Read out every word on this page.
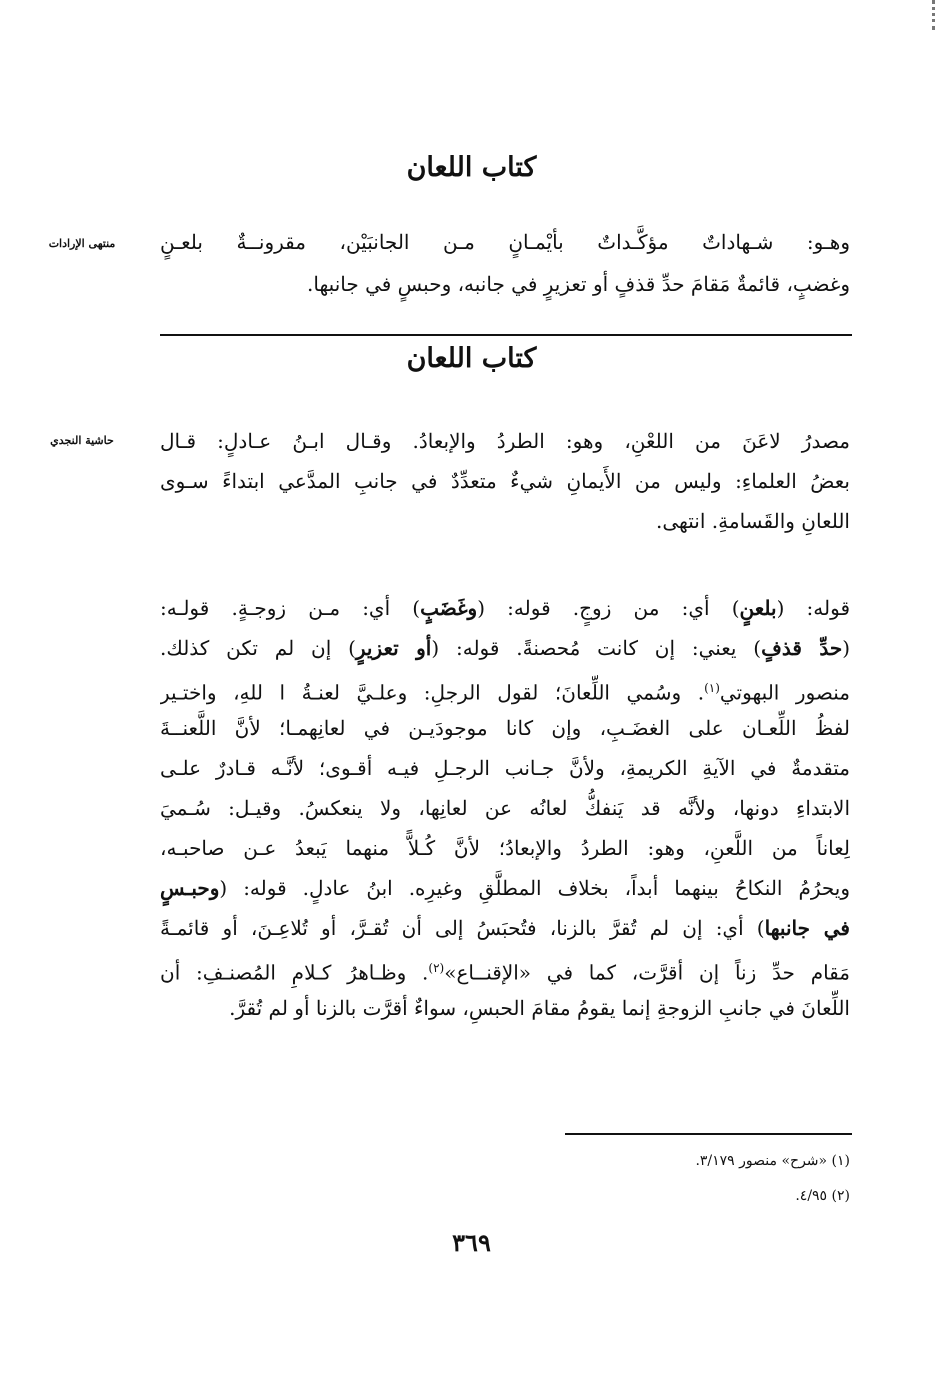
كتاب اللعان
منتهى الإرادات	وهـو: شـهاداتٌ مؤكَّـداتٌ بأيْمـانٍ مـن الجانبَيْن، مقرونــةٌ بلعـنٍ
وغضبٍ، قائمةٌ مَقامَ حدِّ قذفٍ أو تعزيرٍ في جانبه، وحبسٍ في جانبها.
كتاب اللعان
حاشية النجدي	مصدرُ لاعَنَ من اللعْنِ، وهو: الطردُ والإبعادُ. وقـال ابـنُ عـادلٍ: قـال
بعضُ العلماءِ: وليس من الأَيمانِ شيءٌ متعدِّدٌ في جانبِ المدَّعي ابتداءً سـوى
اللعانِ والقَسامةِ. انتهى.
قوله: (بلعنٍ) أي: من زوجٍ. قوله: (وغَضَبٍ) أي: مـن زوجـةٍ. قولـه:
(حدِّ قذفٍ) يعني: إن كانت مُحصنةً. قوله: (أو تعزيرٍ) إن لم تكن كذلك.
منصور البهوتي$^{(١)}$. وسُمي اللِّعانَ؛ لقول الرجلِ: وعلـيَّ لعنـةُ ا للهِ، واختـير
لفظُ اللِّعـان على الغضَـبِ، وإن كانا موجودَيـن في لعانِهمـا؛ لأنَّ اللَّعنــةَ
متقدمةٌ في الآيةِ الكريمةِ، ولأنَّ جـانب الرجـلِ فيـه أقـوى؛ لأنَّـه قـادرٌ علـى
الابتداءِ دونها، ولأنَّه قد يَنفكُّ لعانُه عن لعانِها، ولا ينعكسُ. وقيـل: سُـميَ
لِعاناً من اللَّعنِ، وهو: الطردُ والإبعادُ؛ لأنَّ كُـلاًّ منهما يَبعدُ عـن صاحبـه،
ويحرُمُ النكاحُ بينهما أبداً، بخلاف المطلَّقِ وغيرِه. ابنُ عادلٍ. قوله: (وحبـسٍ
في جانبها) أي: إن لم تُقرَّ بالزنا، فتُحبَسُ إلى أن تُقـرَّ، أو تُلاعِـنَ، أو قائمـةً
مَقام حدِّ زناً إن أقرَّت، كما في «الإقنــاع»$^{(٢)}$. وظـاهرُ كـلامِ المُصنـفِ: أن
اللِّعانَ في جانبِ الزوجةِ إنما يقومُ مقامَ الحبسِ، سواءٌ أقرَّت بالزنا أو لم تُقرَّ.
(١) «شرح» منصور ٣/١٧٩.
(٢) ٤/٩٥.
٣٦٩
